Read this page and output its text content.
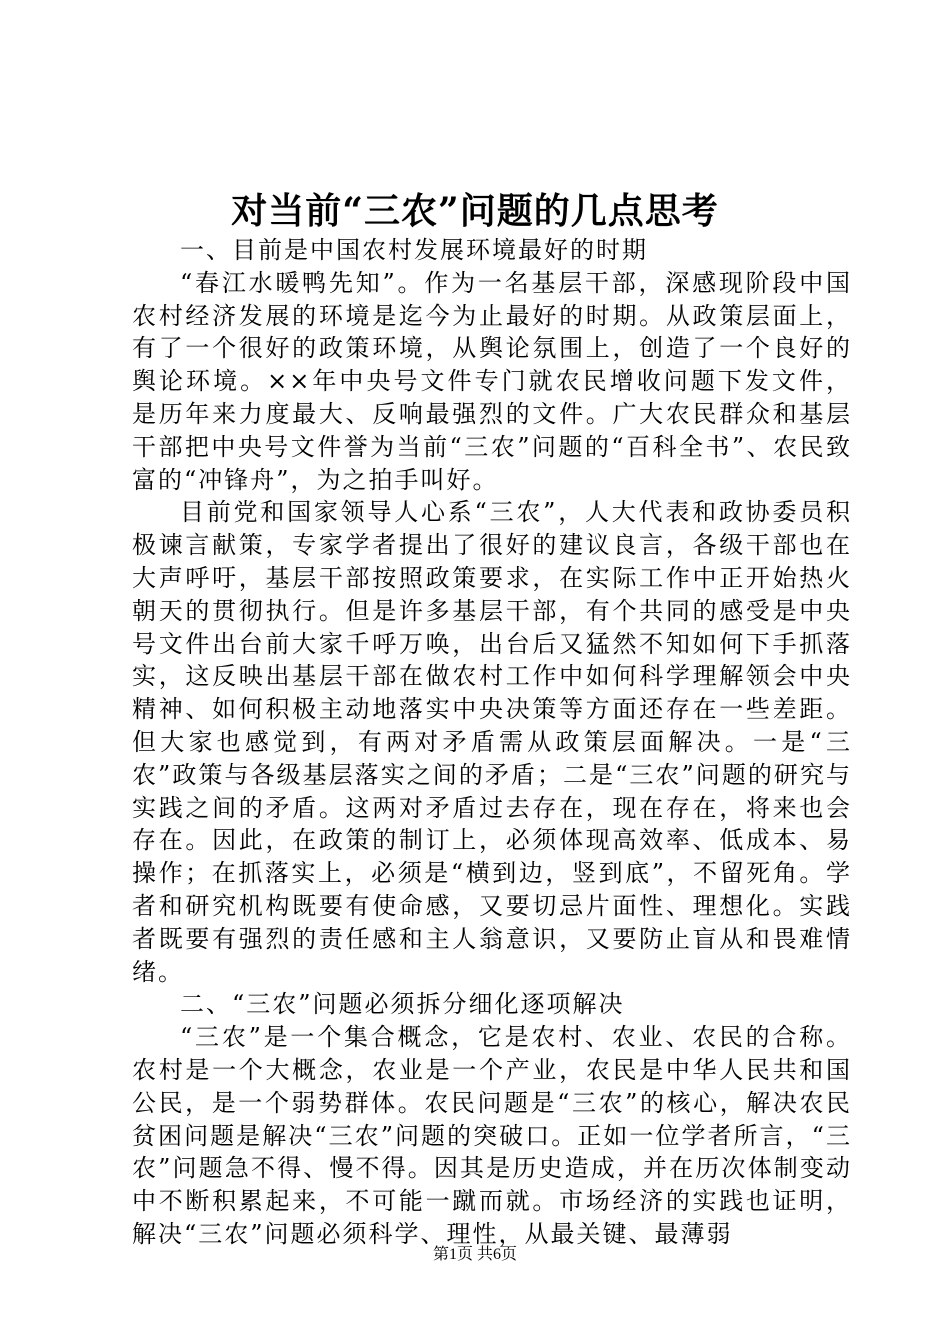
对当前“三农”问题的几点思考

一、目前是中国农村发展环境最好的时期

“春江水暖鸭先知”。作为一名基层干部，深感现阶段中国农村经济发展的环境是迄今为止最好的时期。从政策层面上，有了一个很好的政策环境，从舆论氛围上，创造了一个良好的舆论环境。××年中央号文件专门就农民增收问题下发文件，是历年来力度最大、反响最强烈的文件。广大农民群众和基层干部把中央号文件誉为当前“三农”问题的“百科全书”、农民致富的“冲锋舟”，为之拍手叫好。

目前党和国家领导人心系“三农”，人大代表和政协委员积极谏言献策，专家学者提出了很好的建议良言，各级干部也在大声呼吁，基层干部按照政策要求，在实际工作中正开始热火朝天的贯彻执行。但是许多基层干部，有个共同的感受是中央号文件出台前大家千呼万唤，出台后又猛然不知如何下手抓落实，这反映出基层干部在做农村工作中如何科学理解领会中央精神、如何积极主动地落实中央决策等方面还存在一些差距。但大家也感觉到，有两对矛盾需从政策层面解决。一是“三农”政策与各级基层落实之间的矛盾；二是“三农”问题的研究与实践之间的矛盾。这两对矛盾过去存在，现在存在，将来也会存在。因此，在政策的制订上，必须体现高效率、低成本、易操作；在抓落实上，必须是“横到边，竖到底”，不留死角。学者和研究机构既要有使命感，又要切忌片面性、理想化。实践者既要有强烈的责任感和主人翁意识，又要防止盲从和畏难情绪。

二、“三农”问题必须拆分细化逐项解决

“三农”是一个集合概念，它是农村、农业、农民的合称。农村是一个大概念，农业是一个产业，农民是中华人民共和国公民，是一个弱势群体。农民问题是“三农”的核心，解决农民贫困问题是解决“三农”问题的突破口。正如一位学者所言，“三农”问题急不得、慢不得。因其是历史造成，并在历次体制变动中不断积累起来，不可能一蹴而就。市场经济的实践也证明，解决“三农”问题必须科学、理性，从最关键、最薄弱

第1页 共6页
